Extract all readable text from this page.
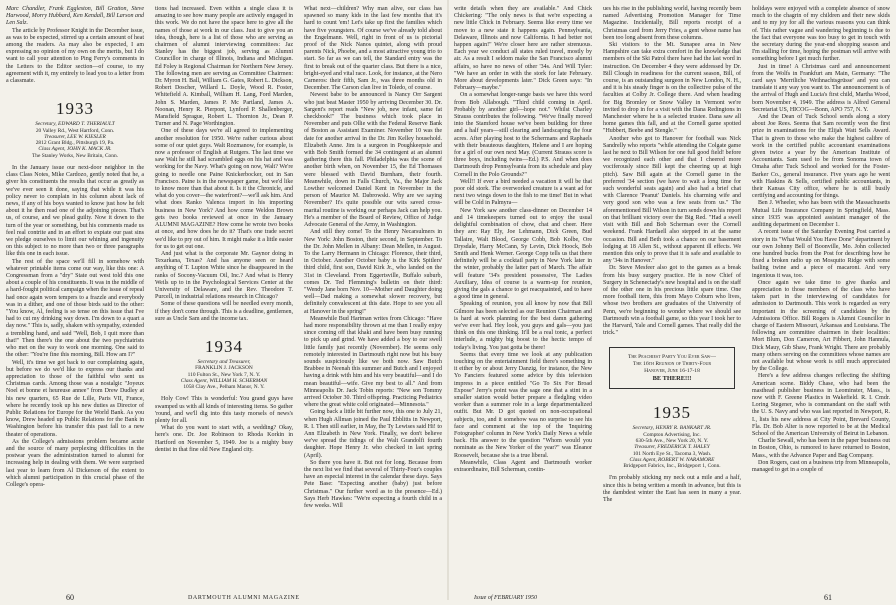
Marc Chandler, Frank Eggleston, Bill Gratton, Steve Harwood, Morry Hubbard, Ken Kendall, Bill Larson and Len Salz.

The article by Professor Knight in the December issue, as was to be expected, stirred up a certain amount of heat among the readers. As may also be expected, I am expressing no opinion of my own on the merits, but I do want to call your attention to Ping Ferry's comments in the Letters to the Editor section—of course, to my agreement with it, my entirely to lead you to a letter from a classmate.

1933
Secretary, EDWARD T. THERIAULT
20 Valley Rd., West Hartford, Conn.
Treasurer, LEE W. KIESLER
2812 Grant Bldg., Pittsburgh 19, Pa.
Class Agent, JOHN K. MACK JR.
The Stanley Works, New Britain, Conn.

In the January issue our next-door neighbor in the class Class Notes, Mike Cardozo, gently noted that he, a giver his constituents the results that occur as greatly as we've ever seen it done, saying that while it was his policy never to complain in his column about lack of news, if any of his boys wanted to know just how he felt about it he then read one of the adjoining pieces. That's us, of course, and we plead guilty. Now it down to the turn of the year or something, but his comments made us feel real contrite and in an effort to expiate our past sins we pledge ourselves to limit our whining and ingenuity on this subject to no more than two or three paragraphs like this one in each issue.

The rest of the space we'll fill in somehow with whatever printable items come our way, like this one: A Congressman from a "dry" State out west told this one about a couple of his constituents. It was in the middle of a hard-fought political campaign when the issue of repeal had once again worn tempers to a frazzle and everybody was in a dither, and one of those birds said to the other: "You know, Al, feeling is so tense on this issue that I've had to cut my drinking way down. I'm down to a quart a day now." This is, sadly, shaken with sympathy, extended a trembling hand, and said "Well, Bob, I quit more than that!" Then there's the one about the two psychiatrists who met on the way to work one morning. One said to the other: "You're fine this morning, Bill. How am I?"

Well, it's time we got back to our complaining again, but before we do we'd like to express our thanks and appreciation to those of the faithful who sent us Christmas cards. Among those was a nostalgic "Joyeux Noel et bonne et heureuse annee" from Drew Dudley at his new quarters, 65 Rue de Lille, Paris VII, France, where he recently took up his new duties as Director of Public Relations for Europe for the World Bank. As you know, Drew headed up Public Relations for the Bank in Washington before his transfer this past fall to a new theater of operations.

As the College's admissions problem became acute and the source of many perplexing difficulties in the postwar years the administration turned to alumni for increasing help in dealing with them. We were surprised last year to learn from Al Dickerson of the extent to which alumni participation in this crucial phase of the College's opera-

tions had increased. Even within a single class it is amazing to see how many people are actively engaged in this work. We do not have the space here to give all the names of those at work in our class. Just to give you an idea, though, here is a list of those who are serving as chairmen of alumni interviewing committees: Jaz Stanley has the biggest job, serving as Alumni Councillor in charge of Illinois, Indiana and Michigan. Ed Foley is Regional Chairman for Northern New Jersey. The following men are serving as Committee Chairmen: Dr. Myron H. Ball, William G. Gates, Robert L. Dickson, Robert Doscher, Willard L. Doyle, Wood R. Foster, Whitefield A. Kimball, William H. Lang, Ford Marden, John S. Marden, James P. Mc Partland, James A. Noonan, Henry R. Pierpont, Lynford P. Shallenberger, Mansfield Sprague, Robert L. Thornton Jr., Dean P. Turner and N. Page Worthington.

One of these days we're all agreed to implementing another resolution for 1950. We're rather curious about some of our quiet guys. Walt Rozmanow, for example, is now a professor of English at Rutgers. The last time we saw Walt he still had scrambled eggs on his hat and was working for the Navy. What's going on now, Walt? We're going to needle one Paine Knickerbocker, out in San Francisco. Paine is in the newspaper game, but we'd like to know more than that about it. Is it the Chronicle, and what do you cover—the waterfront?—we'll ask him. And what does Ranko Valenca import in his importing business in New York? And how come Weldon Brown gets two books reviewed at once in the January ALUMNI MAGAZINE? How come he wrote two books at once, and how does he do it? That's one trade secret we'd like to pry out of him. It might make it a little easier for us to get out one.

And just what is the corporate Mr. Gaynor doing in Texarkana, Texas? And has anyone seen or heard anything of T. Lupton White since he disappeared in the ranks of Socony-Vacuum Oil, Inc.? And what is Henry Weils up to in the Psychological Services Center at the University of Delaware, and the Rev. Theodore T. Purcell, in industrial relations research in Chicago?

Some of these questions will be needled every month, if they don't come through. This is a deadline, gentlemen, sure as Uncle Sam and the income tax.

1934
Secretary and Treasurer,
FRANKLIN J. JACKSON
110 Fulton St., New York 7, N. Y.
Class Agent, WILLIAM H. SCHERMAN
1058 Clay Ave., Pelham Manor, N. Y.

Holy Cow! This is wonderful: You grand guys have swamped us with all kinds of interesting items. So gather 'round, and we'll dig into this tasty morsels of news's plenty for all.

What do you want to start with, a wedding? Okay, here's one. Dr. Joe Robinson to Rhoda Korkin in Hartford on November 5, 1949. Joe is a mighty busy dentist in that fine old New England city.

What next—children? Why man alive, our class has spawned so many kids in the last few months that it's hard to count 'em! Let's take up first the families which have five youngsters. Of course we've already told about the Engelmann. Well, right in front of us is pictorial proof of the Nick Nanos quintet, along with proud parents Nick, Phoebe, and a most attractive young trio to start. So far as we can tell, the Standard entry was the first to break out of the quarter class. But there is a nice, bright-eyed and vital race. Look, for instance, at the Nero Carneros: their fifth, Sam Jr., was three months old in December. The Carson clan live in Toledo, of course.

Newest babe to be announced is Nancy Orr Sargent who just beat Master 1950 by arriving December 30. Dr. Sargent's report reads "New job, new infant, same fat checkbook!" The business which took place in November and puts Ollie with the Federal Reserve Bank of Boston as Assistant Examiner. November 10 was the date for another arrival in the Dr. Jim Kelley household. Elizabeth Anne. Jim is a surgeon in Poughkeepsie and with Bob Smith formed the 34 contingent at an alumni gathering there this fall. Philadelphia was the scene of another birth when, on November 15, the Ed Thomases were blessed with David Burnham, their fourth. Meanwhile, down in Falls Church, Va., the Major Jack Lowther welcomed Daniel Kent in November in the person of Maurice M. Dabrowski. Why are we saying November? It's quite possible our wits saved cross-marital routine is working our perhaps Jack can help you. He's a member of the Board of Review, Office of Judge Advocate General of the Army, in Washington.

And still they come! To the Henry Necarsulmers in New York: John Boston, their second, in September. To the Dr. John Mellen in Albany: Dean Mellen, in August. To the Larry Hermann in Chicago: Florence, their third, in October. Another October baby is the Kirk Spitlers' third child, first son, David Kirk Jr., who landed on the 31st in Cleveland. From Eggertsville, Buffalo suburb, comes Dr. Ted Flemming's bulletin on their third: "Wendy Jane born Nov. 10—Mother and Daughter doing well—Dad making a somewhat slower recovery, but definitely convalescent at this date. Hope to see you all at Hanover in the spring!"

Meanwhile Bud Hartman writes from Chicago: "Have had more responsibility thrown at me than I really enjoy since coming off that khaki and have been busy running to pick up and grind. We have added a boy to our swell little family just recently (November). He seems only remotely interested in Dartmouth right now but his busy sounds suspiciously like we both now. Saw Butch Brabbee in Neenah this summer and Butch and I enjoyed having a drink with him and his very beautiful—and I do mean beautiful—wife. Give my best to all." And from Minneapolis Dr. Jack Tobin reports: "New son Tommy arrived October 30. Third offspring. Practicing Pediatrics where the great white cold originated—Minnesota."

Going back a little bit further now, this one to July 21, when Hugh Allman joined the Paul Ebblitts in Newport, R. I. Then still earlier, in May, the Ty Lewises said Hi! to Ann Elizabeth in New York. Finally, we don't believe we've spread the tidings of the Walt Grandolfi fourth daughter. Hope Henry Jr. who checked in last spring (April).

So there you have it. But not for long. Because from the next list we find that several of Thirty-Four's couples have an especial interest in the calendar these days. Says Pete Base: "Expecting another (baby) just before Christmas." Our further word as to the presence—Ed.) Says Herb Hawkes: "We're expecting a fourth child in a few weeks. Will

60	DARTMOUTH ALUMNI MAGAZINE

write details when they are available." And Chick Chickering: "The only news is that we're expecting a new little Chick in February. Seems like every time we move to a new state it happens again. Pennsylvania, Delaware, Illinois and now California. It had better not happen again!" We're closer here are rather strenuous. Each year we conduct all states ruled travel, mostly by air. As a result I seldom make the San Francisco alumni affairs, so have no news of other '34s. And Will Tyler: "We have an order in with the stork for late February. More about developments later." Dick Green says: "In February—maybe."

On a somewhat longer-range basis we have this word from Bob Allabough. "Third child coming in April. Probably by another girl—hope not." Whilst Charley Strauss contributes the following. "We've finally moved into the Stamford house we've been building for three and a half years—still clearing and landscaping the four acres. After playing host to the Schermans and Raphaels with their beauteous daughters, Helene and I are hoping for a girl of our own next May. (Current Strauss score is three boys, including twins—Ed.) P.S. And when does Dartmouth drop Pennsylvania from its schedule and play Cornell in the Polo Grounds?"

Well!! If ever a bird needed a vacation it will be that poor old stork. The overworked creature is a want ad for next two wings down to the fish to me time! But in what will be Cold in Palmyra—

New York saw another class-dinner on December 14 and 14 timekeepers turned out to enjoy the usual delightful combination of chow, chat and cheer. Here they are: Ray Ely, Joe Lehmann, Dick Green, Bud Tallaire, Walt Blood, George Cobb, Bob Kolbe, Ore Drysdale, Harry McCann, Sy Levin, Dick Hoock, Bob Smith and Henk Werner. George Copp tells us that there definitely will be a cocktail party in New York later in the winter, probably the latter part of March. The affair will feature '34's president possessive, The Ladies Auxiliary, Idea of course is a warm-up for reunion, giving the gals a chance to get reacquainted, and to have a good time in general.

Speaking of reunion, you all know by now that Bill Gilmore has been selected as our Reunion Chairman and is hard at work planning for the best damn gathering we've ever had. Hey look, you guys and gals—you just think on this one thinking. It'll be a real tonic, a perfect interlude, a mighty big boost to the hectic tempo of today's living. You just gotta be there!

Seems that every time we look at any publication touching on the entertainment field there's something in it either by or about Jerry Danzig, for instance, the New Yo Fanciers featured some advice by this television impress in a piece entitled "Go To Six For Broad Expose" Jerry's point was the sage one that a stint in a smaller station would better prepare a fledgling video worker than a summer role in a large departmentalized outfit. But Mr. D got quoted on non-occupational subjects, too, and it somehow was no surprise to see his face and comment at the top of the 'Inquiring Fotographer' column in New York's Daily News a while back. His answer to the question "Whom would you nominate as the New Yorker of the year?" was Eleanor Roosevelt, because she is a true liberal.

Meanwhile, Class Agent and Dartmouth worker extraordinaire, Bill Scherman, contin-

ues his rise in the publishing world, having recently been named Advertising Promotion Manager for Time Magazine. Incidentally, Bill reports receipt of a Christmas card from Jerry Fries, a gent whose name has been too long absent from these columns.

Ski visitors to the Mt. Sunapee area in New Hampshire can take extra comfort in the knowledge that members of the Ski Patrol there have had the last word in instruction. On December 4 they were addressed by Dr. Bill Clough in readiness for the current season, Bill, of course, is an outstanding surgeon in New London, N. H., and it is his steady finger is on the collective pulse of the faculties at Colby Jr. College there. And when heading for Big Bromley or Snow Valley in Vermont we're invited to drop in for a visit with the Dana Redingtons in Manchester where he is a selected trustee. Dana saw all home games this fall, and at the Cornell game spotted "Hubbert, Beebe and Stengle."

Another who got to Hanover for football was Nick Sandrelly who reports "while attending the Colgate game last he next to Bill Wilson for one full good field! before we recognized each other and that I cheered more vociferously since Bill kept the cheering up at high pitch). Saw Bill again at the Cornell game in the preferred '34 section (we have to wait a long time for such wonderful seats again) and also had a brief chat with Clarence 'Peanut' Daniels. his charming wife and very good son who was a few seats from us." The aforementioned Bill Wilson in turn sends down his report on that brilliant victory over the Big Red. "Had a swell visit with Bill and Bob Scherman over the Cornell weekend. Frank Hardaell also stepped in at the same occasion. Bill and Beth took a chance on our basement lodging at 18 Allen St., without apparent ill effects. We mention this only to prove that it is safe and available to any '34s in Hanover."

Dr. Steve Mesfeer also got to the games as a break from his busy surgery practice. He is now Chief of Surgery in Schenectady's new hospital and is on the staff of the other one in his precious little spare time. One more football item, this from Mayo Coburn who lives, whose two brothers are graduates of the University of Penn, we're beginning to wonder where we should see Dartmouth win a football game, so this year I took her to the Harvard, Yale and Cornell games. That really did the trick."

The Peachiest Party You Ever Saw—
The 16th Reunion of Thirty-Four
Hanover, June 16-17-18
BE THERE!!!
1935
Secretary, HENRY R. BANKART JR.
Compton Advertising, Inc.
630-5th Ave., New York 20, N. Y.
Treasurer, FREDERICK T. HALEY
101 North Eye St., Tacoma 3, Wash.
Class Agent, ROBERT W. NARAMORE
Bridgeport Fabrics, Inc., Bridgeport 1, Conn.

I'm probably sticking my neck out a mile and a half, since this is being written a month in advance, but this is the dambdest winter the East has seen in many a year. The

holidays were enjoyed with a complete absence of snow much to the chagrin of my children and their new skids and to my joy for all the various reasons you can think of. This rather vague and wandering beginning is due to the fact that everyone was too busy to get in touch with the secretary during the year-end shopping season and I'm stalling for time, hoping the postman will arrive with something before I get much further.

Just in time! A Christmas card and announcement from the Wolfs in Frankfurt am Main, Germany: "The card says 'Merriliche Weihnachtsgrüsse' and you can translate it any way you want to. The announcement is of the arrival of Hugh and Lucia's first child, Martha Wood, born November 4, 1949. The address is Alfred General Secretariat US, HICOG—Bonn, APO 757, N. Y.

And the Dean of Tuck School sends along a story about Joe Rees. Seems that Sam recently won the first prize in examinations for the Elijah Watt Sells Award. That is given to those who make the highest calibre of work in the certified public accountant examinations given twice a year by the American Institute of Accountants. Sam used to be from Sonoma town of Omaha after Tuck School and worked for the Foster-Barker Co., general insurance. Five years ago he went with Haskins & Sells, certified public accountants, in their Kansas City office, where he is still busily certifying and accounting for things.

Ben J. Wheeler, who has been with the Massachusetts Mutual Life Insurance Company in Springfield, Mass. since 1935 was appointed assistant manager of the auditing department on December 1.

A recent issue of the Saturday Evening Post carried a story in its "What Would You Have Done" department by our own Johnny Bell of Boonville, Mo. John collected one hundred bucks from the Post for describing how he fixed a broken radio up on Mosquito Ridge with some bailing twine and a piece of macaroni. And very ingenious it was, too.

Once again we take time to give thanks and appreciation to those members of the class who have taken part in the interviewing of candidates for admission to Dartmouth. This work is regarded as very important in the screening of candidates by the Admissions Office. Bill Rogers is Alumni Councillor in charge of Eastern Missouri, Arkansas and Louisiana. The following are committee chairmen in their localities: Mort Blum, Don Cameron, Art Fibbert, John Hannula, Dick Mauy, Gib Shaw, Frank Wright. There are probably many others serving on the committees whose names are not available but whose work is still much appreciated by the College.

Here's a few address changes reflecting the shifting American scene. Biddy Chase, who had been the masthead publisher business in Leominster, Mass., is now with F. Greene Plastics in Wakefield. R. I. Cmdr. Loring Stegener, who is commandant on the staff with the U. S. Navy and who was last reported in Newport, R. I., lists his new address at City Point, Brevard County, Fla. Dr. Bob Alter is now reported to be at the Medical School of the American University of Beirut in Lebanon.

Charlie Sewall, who has been in the paper business out in Boston, Ohio, is rumored to have returned to Boston, Mass., with the Advance Paper and Bag Company.

Don Rogers, cast on a business trip from Minneapolis, managed to get in a couple of

Issue of FEBRUARY 1950	61
